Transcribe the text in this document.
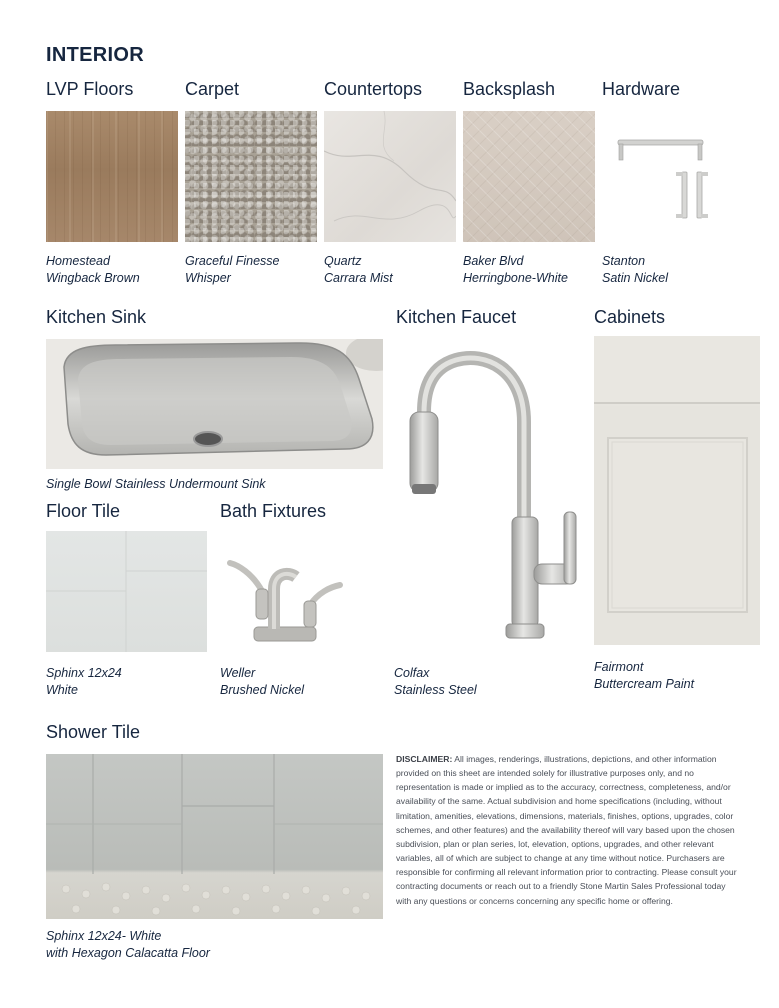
INTERIOR
LVP Floors	Carpet	Countertops Backsplash	Hardware
Homestead
Wingback Brown
Graceful Finesse
Whisper
Quartz
Carrara Mist
Baker Blvd
Herringbone-White
Stanton
Satin Nickel
Kitchen Sink	Kitchen Faucet	Cabinets
Single Bowl Stainless Undermount Sink
Fairmont
Buttercream Paint
Floor Tile	Bath Fixtures
Sphinx 12x24
White
Weller
Brushed Nickel
Colfax
Stainless Steel
Shower Tile
Sphinx 12x24- White
with Hexagon Calacatta Floor
DISCLAIMER: All images, renderings, illustrations, depictions, and other information provided on this sheet are intended solely for illustrative purposes only, and no representation is made or implied as to the accuracy, correctness, completeness, and/or availability of the same. Actual subdivision and home specifications (including, without limitation, amenities, elevations, dimensions, materials, finishes, options, upgrades, color schemes, and other features) and the availability thereof will vary based upon the chosen subdivision, plan or plan series, lot, elevation, options, upgrades, and other relevant variables, all of which are subject to change at any time without notice. Purchasers are responsible for confirming all relevant information prior to contracting. Please consult your contracting documents or reach out to a friendly Stone Martin Sales Professional today with any questions or concerns concerning any specific home or offering.
